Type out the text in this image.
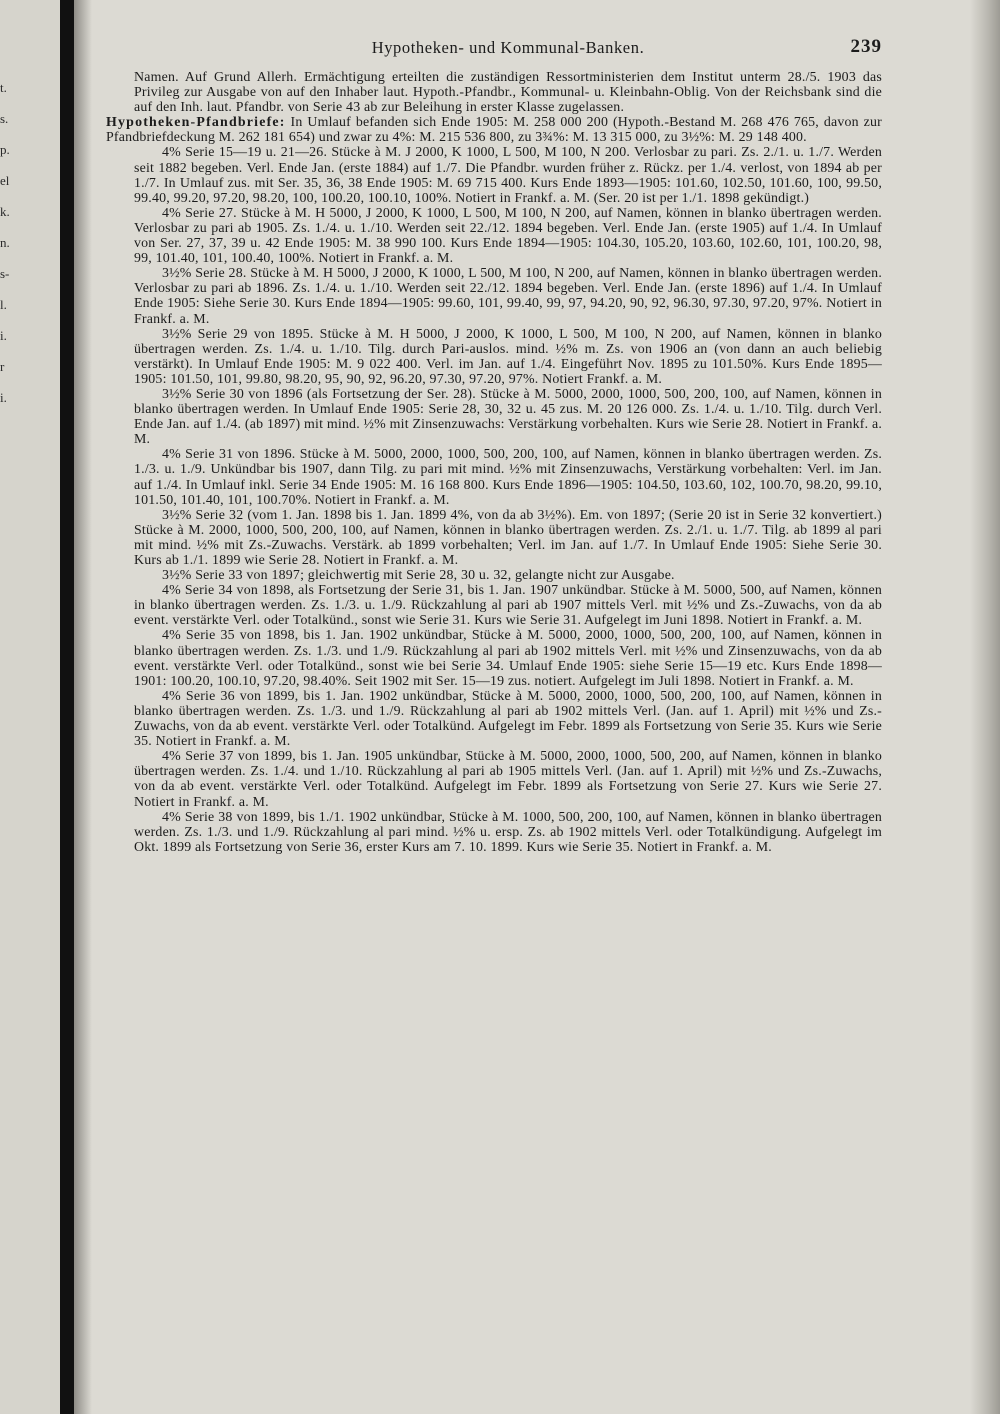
t.
s.
p.
el
k.
n.
s-
l.
i.
r
i.
Hypotheken- und Kommunal-Banken.	239

Namen. Auf Grund Allerh. Ermächtigung erteilten die zuständigen Ressortministerien dem Institut unterm 28./5. 1903 das Privileg zur Ausgabe von auf den Inhaber laut. Hypoth.-Pfandbr., Kommunal- u. Kleinbahn-Oblig. Von der Reichsbank sind die auf den Inh. laut. Pfandbr. von Serie 43 ab zur Beleihung in erster Klasse zugelassen.

Hypotheken-Pfandbriefe: In Umlauf befanden sich Ende 1905: M. 258 000 200 (Hypoth.-Bestand M. 268 476 765, davon zur Pfandbriefdeckung M. 262 181 654) und zwar zu 4%: M. 215 536 800, zu 3¾%: M. 13 315 000, zu 3½%: M. 29 148 400.

4% Serie 15—19 u. 21—26. Stücke à M. J 2000, K 1000, L 500, M 100, N 200. Verlosbar zu pari. Zs. 2./1. u. 1./7. Werden seit 1882 begeben. Verl. Ende Jan. (erste 1884) auf 1./7. Die Pfandbr. wurden früher z. Rückz. per 1./4. verlost, von 1894 ab per 1./7. In Umlauf zus. mit Ser. 35, 36, 38 Ende 1905: M. 69 715 400. Kurs Ende 1893—1905: 101.60, 102.50, 101.60, 100, 99.50, 99.40, 99.20, 97.20, 98.20, 100, 100.20, 100.10, 100%. Notiert in Frankf. a. M. (Ser. 20 ist per 1./1. 1898 gekündigt.)

4% Serie 27. Stücke à M. H 5000, J 2000, K 1000, L 500, M 100, N 200, auf Namen, können in blanko übertragen werden. Verlosbar zu pari ab 1905. Zs. 1./4. u. 1./10. Werden seit 22./12. 1894 begeben. Verl. Ende Jan. (erste 1905) auf 1./4. In Umlauf von Ser. 27, 37, 39 u. 42 Ende 1905: M. 38 990 100. Kurs Ende 1894—1905: 104.30, 105.20, 103.60, 102.60, 101, 100.20, 98, 99, 101.40, 101, 100.40, 100%. Notiert in Frankf. a. M.

3½% Serie 28. Stücke à M. H 5000, J 2000, K 1000, L 500, M 100, N 200, auf Namen, können in blanko übertragen werden. Verlosbar zu pari ab 1896. Zs. 1./4. u. 1./10. Werden seit 22./12. 1894 begeben. Verl. Ende Jan. (erste 1896) auf 1./4. In Umlauf Ende 1905: Siehe Serie 30. Kurs Ende 1894—1905: 99.60, 101, 99.40, 99, 97, 94.20, 90, 92, 96.30, 97.30, 97.20, 97%. Notiert in Frankf. a. M.

3½% Serie 29 von 1895. Stücke à M. H 5000, J 2000, K 1000, L 500, M 100, N 200, auf Namen, können in blanko übertragen werden. Zs. 1./4. u. 1./10. Tilg. durch Pari-auslos. mind. ½% m. Zs. von 1906 an (von dann an auch beliebig verstärkt). In Umlauf Ende 1905: M. 9 022 400. Verl. im Jan. auf 1./4. Eingeführt Nov. 1895 zu 101.50%. Kurs Ende 1895—1905: 101.50, 101, 99.80, 98.20, 95, 90, 92, 96.20, 97.30, 97.20, 97%. Notiert Frankf. a. M.

3½% Serie 30 von 1896 (als Fortsetzung der Ser. 28). Stücke à M. 5000, 2000, 1000, 500, 200, 100, auf Namen, können in blanko übertragen werden. In Umlauf Ende 1905: Serie 28, 30, 32 u. 45 zus. M. 20 126 000. Zs. 1./4. u. 1./10. Tilg. durch Verl. Ende Jan. auf 1./4. (ab 1897) mit mind. ½% mit Zinsenzuwachs: Verstärkung vorbehalten. Kurs wie Serie 28. Notiert in Frankf. a. M.

4% Serie 31 von 1896. Stücke à M. 5000, 2000, 1000, 500, 200, 100, auf Namen, können in blanko übertragen werden. Zs. 1./3. u. 1./9. Unkündbar bis 1907, dann Tilg. zu pari mit mind. ½% mit Zinsenzuwachs, Verstärkung vorbehalten: Verl. im Jan. auf 1./4. In Umlauf inkl. Serie 34 Ende 1905: M. 16 168 800. Kurs Ende 1896—1905: 104.50, 103.60, 102, 100.70, 98.20, 99.10, 101.50, 101.40, 101, 100.70%. Notiert in Frankf. a. M.

3½% Serie 32 (vom 1. Jan. 1898 bis 1. Jan. 1899 4%, von da ab 3½%). Em. von 1897; (Serie 20 ist in Serie 32 konvertiert.) Stücke à M. 2000, 1000, 500, 200, 100, auf Namen, können in blanko übertragen werden. Zs. 2./1. u. 1./7. Tilg. ab 1899 al pari mit mind. ½% mit Zs.-Zuwachs. Verstärk. ab 1899 vorbehalten; Verl. im Jan. auf 1./7. In Umlauf Ende 1905: Siehe Serie 30. Kurs ab 1./1. 1899 wie Serie 28. Notiert in Frankf. a. M.

3½% Serie 33 von 1897; gleichwertig mit Serie 28, 30 u. 32, gelangte nicht zur Ausgabe.

4% Serie 34 von 1898, als Fortsetzung der Serie 31, bis 1. Jan. 1907 unkündbar. Stücke à M. 5000, 500, auf Namen, können in blanko übertragen werden. Zs. 1./3. u. 1./9. Rückzahlung al pari ab 1907 mittels Verl. mit ½% und Zs.-Zuwachs, von da ab event. verstärkte Verl. oder Totalkünd., sonst wie Serie 31. Kurs wie Serie 31. Aufgelegt im Juni 1898. Notiert in Frankf. a. M.

4% Serie 35 von 1898, bis 1. Jan. 1902 unkündbar, Stücke à M. 5000, 2000, 1000, 500, 200, 100, auf Namen, können in blanko übertragen werden. Zs. 1./3. und 1./9. Rückzahlung al pari ab 1902 mittels Verl. mit ½% und Zinsenzuwachs, von da ab event. verstärkte Verl. oder Totalkünd., sonst wie bei Serie 34. Umlauf Ende 1905: siehe Serie 15—19 etc. Kurs Ende 1898—1901: 100.20, 100.10, 97.20, 98.40%. Seit 1902 mit Ser. 15—19 zus. notiert. Aufgelegt im Juli 1898. Notiert in Frankf. a. M.

4% Serie 36 von 1899, bis 1. Jan. 1902 unkündbar, Stücke à M. 5000, 2000, 1000, 500, 200, 100, auf Namen, können in blanko übertragen werden. Zs. 1./3. und 1./9. Rückzahlung al pari ab 1902 mittels Verl. (Jan. auf 1. April) mit ½% und Zs.-Zuwachs, von da ab event. verstärkte Verl. oder Totalkünd. Aufgelegt im Febr. 1899 als Fortsetzung von Serie 35. Kurs wie Serie 35. Notiert in Frankf. a. M.

4% Serie 37 von 1899, bis 1. Jan. 1905 unkündbar, Stücke à M. 5000, 2000, 1000, 500, 200, auf Namen, können in blanko übertragen werden. Zs. 1./4. und 1./10. Rückzahlung al pari ab 1905 mittels Verl. (Jan. auf 1. April) mit ½% und Zs.-Zuwachs, von da ab event. verstärkte Verl. oder Totalkünd. Aufgelegt im Febr. 1899 als Fortsetzung von Serie 27. Kurs wie Serie 27. Notiert in Frankf. a. M.

4% Serie 38 von 1899, bis 1./1. 1902 unkündbar, Stücke à M. 1000, 500, 200, 100, auf Namen, können in blanko übertragen werden. Zs. 1./3. und 1./9. Rückzahlung al pari mind. ½% u. ersp. Zs. ab 1902 mittels Verl. oder Totalkündigung. Aufgelegt im Okt. 1899 als Fortsetzung von Serie 36, erster Kurs am 7. 10. 1899. Kurs wie Serie 35. Notiert in Frankf. a. M.
